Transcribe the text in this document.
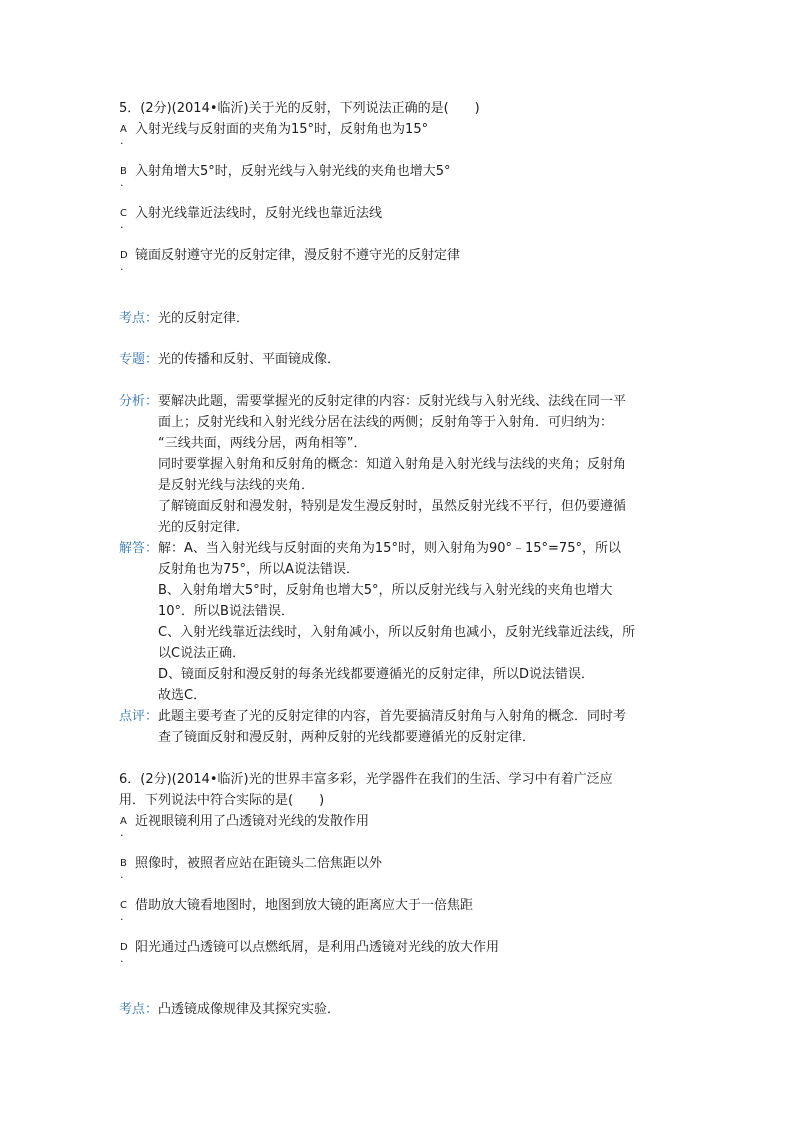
5．(2分)(2014•临沂)关于光的反射，下列说法正确的是(　　)
A 入射光线与反射面的夹角为15°时，反射角也为15°
.
B 入射角增大5°时，反射光线与入射光线的夹角也增大5°
.
C 入射光线靠近法线时，反射光线也靠近法线
.
D 镜面反射遵守光的反射定律，漫反射不遵守光的反射定律
.
考点： 光的反射定律．
专题： 光的传播和反射、平面镜成像．
分析： 要解决此题，需要掌握光的反射定律的内容：反射光线与入射光线、法线在同一平

面上；反射光线和入射光线分居在法线的两侧；反射角等于入射角．可归纳为：

“三线共面，两线分居，两角相等”．

同时要掌握入射角和反射角的概念：知道入射角是入射光线与法线的夹角；反射角

是反射光线与法线的夹角．

了解镜面反射和漫发射，特别是发生漫反射时，虽然反射光线不平行，但仍要遵循

光的反射定律．

解答： 解：A、当入射光线与反射面的夹角为15°时，则入射角为90°﹣15°=75°，所以

反射角也为75°，所以A说法错误．

B、入射角增大5°时，反射角也增大5°，所以反射光线与入射光线的夹角也增大

10°．所以B说法错误．

C、入射光线靠近法线时，入射角减小，所以反射角也减小，反射光线靠近法线，所

以C说法正确．

D、镜面反射和漫反射的每条光线都要遵循光的反射定律，所以D说法错误．

故选C．

点评： 此题主要考查了光的反射定律的内容，首先要搞清反射角与入射角的概念．同时考

查了镜面反射和漫反射，两种反射的光线都要遵循光的反射定律．

6．(2分)(2014•临沂)光的世界丰富多彩，光学器件在我们的生活、学习中有着广泛应
用．下列说法中符合实际的是(　　)
A 近视眼镜利用了凸透镜对光线的发散作用
.
B 照像时，被照者应站在距镜头二倍焦距以外
.
C 借助放大镜看地图时，地图到放大镜的距离应大于一倍焦距
.
D 阳光通过凸透镜可以点燃纸屑，是利用凸透镜对光线的放大作用
.
考点： 凸透镜成像规律及其探究实验．
